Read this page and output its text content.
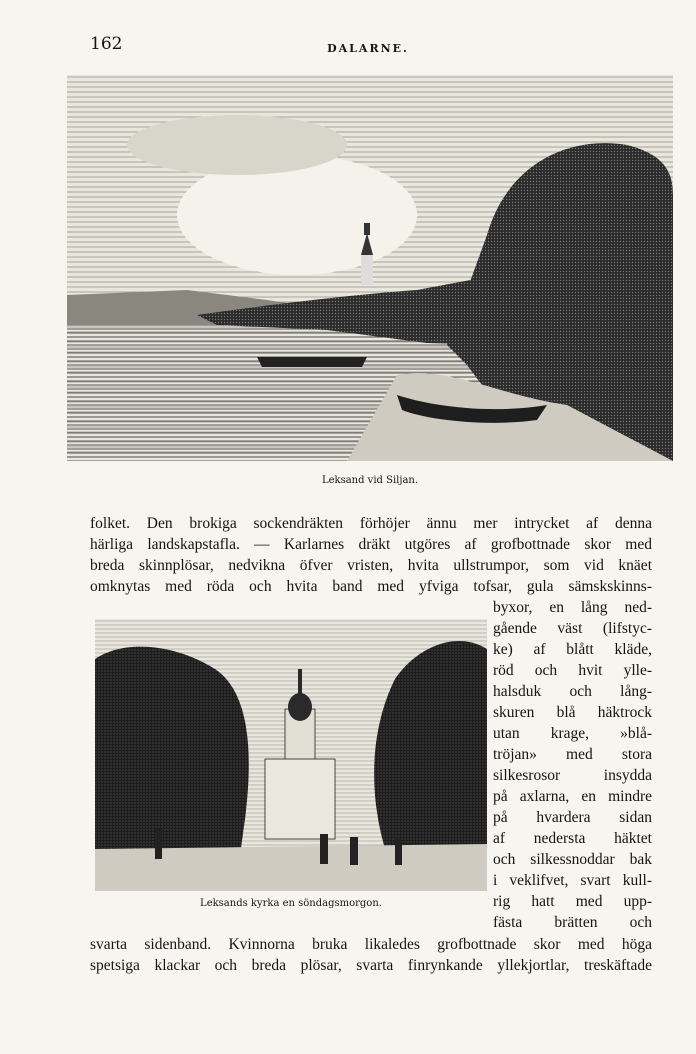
162	DALARNE.
Leksand vid Siljan.
folket. Den brokiga sockendräkten förhöjer ännu mer intrycket af denna
härliga landskapstafla. — Karlarnes dräkt utgöres af grofbottnade skor med
breda skinnplösar, nedvikna öfver vristen, hvita ullstrumpor, som vid knäet
omknytas med röda och hvita band med yfviga tofsar, gula sämskskinns-
Leksands kyrka en söndagsmorgon.
byxor, en lång ned-
gående väst (lifstyc-
ke) af blått kläde,
röd och hvit ylle-
halsduk och lång-
skuren blå häktrock
utan krage, »blå-
tröjan» med stora
silkesrosor insydda
på axlarna, en mindre
på hvardera sidan
af nedersta häktet
och silkessnoddar bak
i veklifvet, svart kull-
rig hatt med upp-
fästa brätten och
svarta sidenband. Kvinnorna bruka likaledes grofbottnade skor med höga
spetsiga klackar och breda plösar, svarta finrynkande yllekjortlar, treskäftade
